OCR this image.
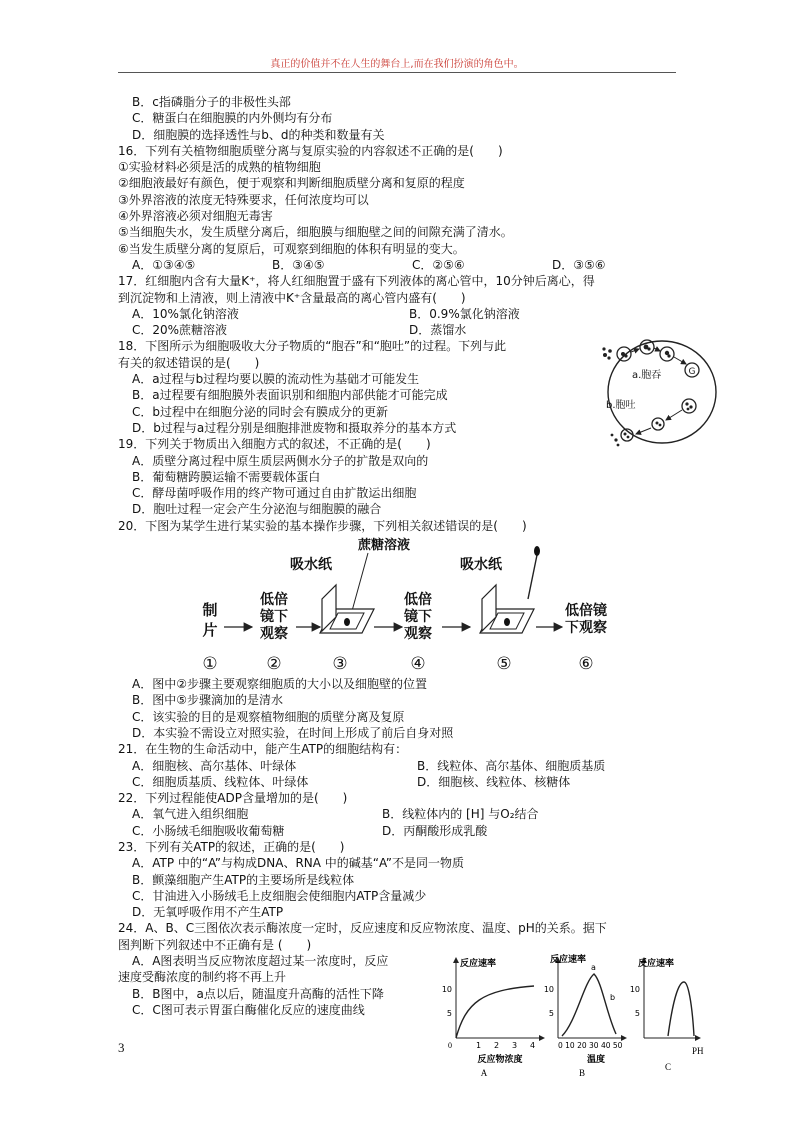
真正的价值并不在人生的舞台上,而在我们扮演的角色中。
B．c指磷脂分子的非极性头部
C．糖蛋白在细胞膜的内外侧均有分布
D．细胞膜的选择透性与b、d的种类和数量有关
16．下列有关植物细胞质壁分离与复原实验的内容叙述不正确的是(　　)
①实验材料必须是活的成熟的植物细胞
②细胞液最好有颜色，便于观察和判断细胞质壁分离和复原的程度
③外界溶液的浓度无特殊要求，任何浓度均可以
④外界溶液必须对细胞无毒害
⑤当细胞失水，发生质壁分离后，细胞膜与细胞壁之间的间隙充满了清水。
⑥当发生质壁分离的复原后，可观察到细胞的体积有明显的变大。
A．①③④⑤	B．③④⑤	C．②⑤⑥	D．③⑤⑥
17．红细胞内含有大量K⁺，将人红细胞置于盛有下列液体的离心管中，10分钟后离心，得
到沉淀物和上清液，则上清液中K⁺含量最高的离心管内盛有(　　)
A．10%氯化钠溶液	B．0.9%氯化钠溶液
C．20%蔗糖溶液	D．蒸馏水
18．下图所示为细胞吸收大分子物质的“胞吞”和“胞吐”的过程。下列与此
有关的叙述错误的是(　　)
A．a过程与b过程均要以膜的流动性为基础才可能发生
B．a过程要有细胞膜外表面识别和细胞内部供能才可能完成
C．b过程中在细胞分泌的同时会有膜成分的更新
D．b过程与a过程分别是细胞排泄废物和摄取养分的基本方式
19．下列关于物质出入细胞方式的叙述，不正确的是(　　)
A．质壁分离过程中原生质层两侧水分子的扩散是双向的
B．葡萄糖跨膜运输不需要载体蛋白
C．酵母菌呼吸作用的终产物可通过自由扩散运出细胞
D．胞吐过程一定会产生分泌泡与细胞膜的融合
20．下图为某学生进行某实验的基本操作步骤，下列相关叙述错误的是(　　)
A．图中②步骤主要观察细胞质的大小以及细胞壁的位置
B．图中⑤步骤滴加的是清水
C．该实验的目的是观察植物细胞的质壁分离及复原
D．本实验不需设立对照实验，在时间上形成了前后自身对照
21．在生物的生命活动中，能产生ATP的细胞结构有：
A．细胞核、高尔基体、叶绿体	B．线粒体、高尔基体、细胞质基质
C．细胞质基质、线粒体、叶绿体	D．细胞核、线粒体、核糖体
22．下列过程能使ADP含量增加的是(　　)
A．氧气进入组织细胞	B．线粒体内的 [H] 与O₂结合
C．小肠绒毛细胞吸收葡萄糖	D．丙酮酸形成乳酸
23．下列有关ATP的叙述，正确的是(　　)
A．ATP 中的“A”与构成DNA、RNA 中的碱基“A”不是同一物质
B．颤藻细胞产生ATP的主要场所是线粒体
C．甘油进入小肠绒毛上皮细胞会使细胞内ATP含量减少
D．无氧呼吸作用不产生ATP
24．A、B、C三图依次表示酶浓度一定时，反应速度和反应物浓度、温度、pH的关系。据下
图判断下列叙述中不正确有是 (　　)
A．A图表明当反应物浓度超过某一浓度时，反应
速度受酶浓度的制约将不再上升
B．B图中，a点以后，随温度升高酶的活性下降
C．C图可表示胃蛋白酶催化反应的速度曲线
G
a.胞吞
b.胞吐
制片
低倍镜下观察
吸水纸
蔗糖溶液
低倍镜下观察
吸水纸
低倍镜下观察
①	②	③	④	⑤	⑥
反应速率
10
5
0	1 2 3 4
反应物浓度
A
反应速率
10
5
a
b
0 10 20 30 40 50
温度
B
反应速率
10
5
PH
C
3
